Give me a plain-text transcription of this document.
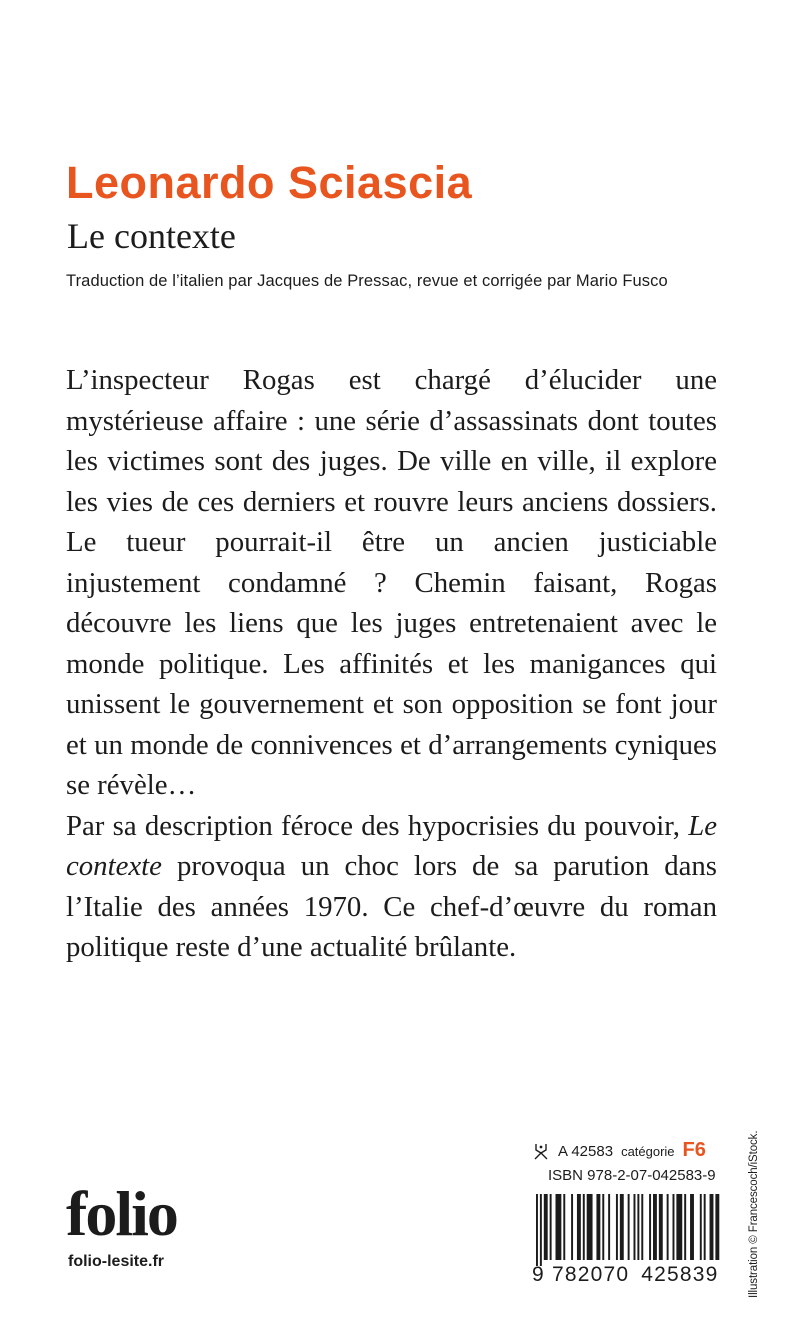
Leonardo Sciascia
Le contexte
Traduction de l’italien par Jacques de Pressac, revue et corrigée par Mario Fusco

L’inspecteur Rogas est chargé d’élucider une mystérieuse affaire : une série d’assassinats dont toutes les victimes sont des juges. De ville en ville, il explore les vies de ces derniers et rouvre leurs anciens dossiers. Le tueur pourrait-il être un ancien justiciable injustement condamné ? Chemin faisant, Rogas découvre les liens que les juges entretenaient avec le monde politique. Les affinités et les manigances qui unissent le gouvernement et son opposition se font jour et un monde de connivences et d’arrangements cyniques se révèle…

Par sa description féroce des hypocrisies du pouvoir, Le contexte provoqua un choc lors de sa parution dans l’Italie des années 1970. Ce chef-d’œuvre du roman politique reste d’une actualité brûlante.

Illustration © Francescoch/iStock.
folio
folio-lesite.fr
A 42583 catégorie F6
ISBN 978-2-07-042583-9
9 782070 425839
